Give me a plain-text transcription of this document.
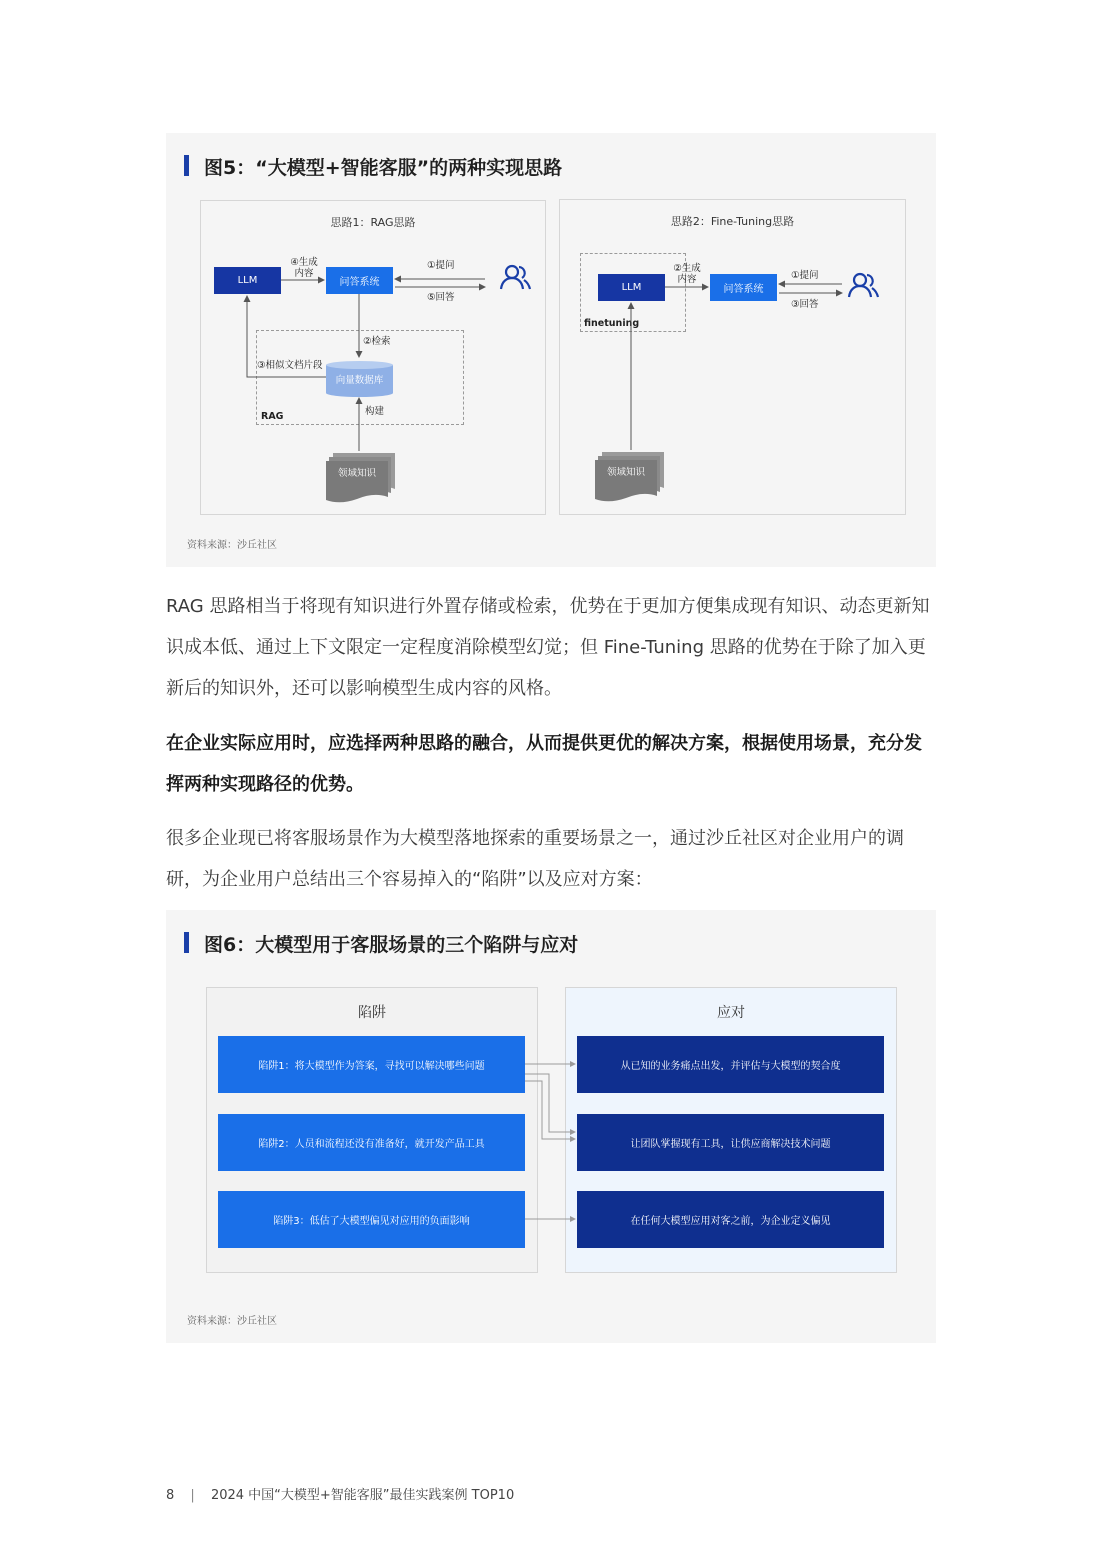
图5：“大模型+智能客服”的两种实现思路
思路1：RAG思路
LLM	问答系统
④生成
内容
①提问
⑤回答
②检索
③相似文档片段
RAG	构建
向量数据库
领域知识
思路2：Fine-Tuning思路
LLM	问答系统
②生成
内容	①提问
③回答
finetuning
领域知识
资料来源：沙丘社区
RAG 思路相当于将现有知识进行外置存储或检索，优势在于更加方便集成现有知识、动态更新知识成本低、通过上下文限定一定程度消除模型幻觉；但 Fine-Tuning 思路的优势在于除了加入更新后的知识外，还可以影响模型生成内容的风格。
在企业实际应用时，应选择两种思路的融合，从而提供更优的解决方案，根据使用场景，充分发挥两种实现路径的优势。
很多企业现已将客服场景作为大模型落地探索的重要场景之一，通过沙丘社区对企业用户的调研，为企业用户总结出三个容易掉入的“陷阱”以及应对方案：
图6：大模型用于客服场景的三个陷阱与应对
陷阱
陷阱1：将大模型作为答案，寻找可以解决哪些问题
陷阱2：人员和流程还没有准备好，就开发产品工具
陷阱3：低估了大模型偏见对应用的负面影响
应对
从已知的业务痛点出发，并评估与大模型的契合度
让团队掌握现有工具，让供应商解决技术问题
在任何大模型应用对客之前，为企业定义偏见
资料来源：沙丘社区
8 | 2024 中国“大模型+智能客服”最佳实践案例 TOP10
